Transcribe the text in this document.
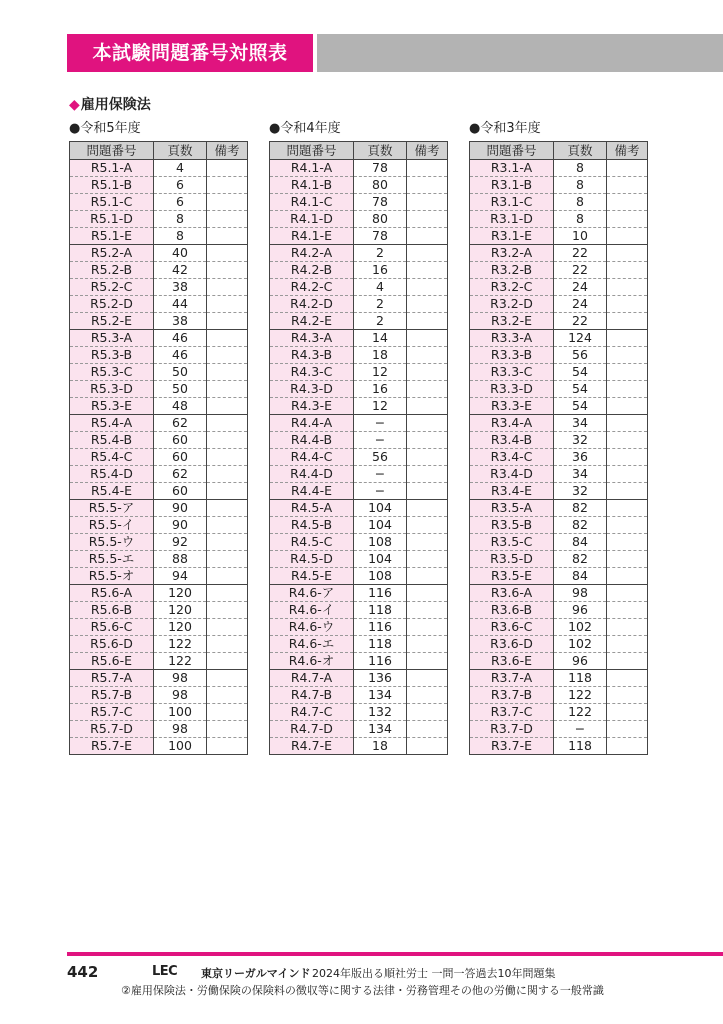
本試験問題番号対照表
◆雇用保険法
●令和5年度
問題番号	頁数	備考
R5.1-A	4	
R5.1-B	6	
R5.1-C	6	
R5.1-D	8	
R5.1-E	8	
R5.2-A	40	
R5.2-B	42	
R5.2-C	38	
R5.2-D	44	
R5.2-E	38	
R5.3-A	46	
R5.3-B	46	
R5.3-C	50	
R5.3-D	50	
R5.3-E	48	
R5.4-A	62	
R5.4-B	60	
R5.4-C	60	
R5.4-D	62	
R5.4-E	60	
R5.5-ア	90	
R5.5-イ	90	
R5.5-ウ	92	
R5.5-エ	88	
R5.5-オ	94	
R5.6-A	120	
R5.6-B	120	
R5.6-C	120	
R5.6-D	122	
R5.6-E	122	
R5.7-A	98	
R5.7-B	98	
R5.7-C	100	
R5.7-D	98	
R5.7-E	100	
●令和4年度
問題番号	頁数	備考
R4.1-A	78	
R4.1-B	80	
R4.1-C	78	
R4.1-D	80	
R4.1-E	78	
R4.2-A	2	
R4.2-B	16	
R4.2-C	4	
R4.2-D	2	
R4.2-E	2	
R4.3-A	14	
R4.3-B	18	
R4.3-C	12	
R4.3-D	16	
R4.3-E	12	
R4.4-A	−	
R4.4-B	−	
R4.4-C	56	
R4.4-D	−	
R4.4-E	−	
R4.5-A	104	
R4.5-B	104	
R4.5-C	108	
R4.5-D	104	
R4.5-E	108	
R4.6-ア	116	
R4.6-イ	118	
R4.6-ウ	116	
R4.6-エ	118	
R4.6-オ	116	
R4.7-A	136	
R4.7-B	134	
R4.7-C	132	
R4.7-D	134	
R4.7-E	18	
●令和3年度
問題番号	頁数	備考
R3.1-A	8	
R3.1-B	8	
R3.1-C	8	
R3.1-D	8	
R3.1-E	10	
R3.2-A	22	
R3.2-B	22	
R3.2-C	24	
R3.2-D	24	
R3.2-E	22	
R3.3-A	124	
R3.3-B	56	
R3.3-C	54	
R3.3-D	54	
R3.3-E	54	
R3.4-A	34	
R3.4-B	32	
R3.4-C	36	
R3.4-D	34	
R3.4-E	32	
R3.5-A	82	
R3.5-B	82	
R3.5-C	84	
R3.5-D	82	
R3.5-E	84	
R3.6-A	98	
R3.6-B	96	
R3.6-C	102	
R3.6-D	102	
R3.6-E	96	
R3.7-A	118	
R3.7-B	122	
R3.7-C	122	
R3.7-D	−	
R3.7-E	118	
442	LEC 東京リーガルマインド 2024年版出る順社労士 一問一答過去10年問題集
②雇用保険法・労働保険の保険料の徴収等に関する法律・労務管理その他の労働に関する一般常識
